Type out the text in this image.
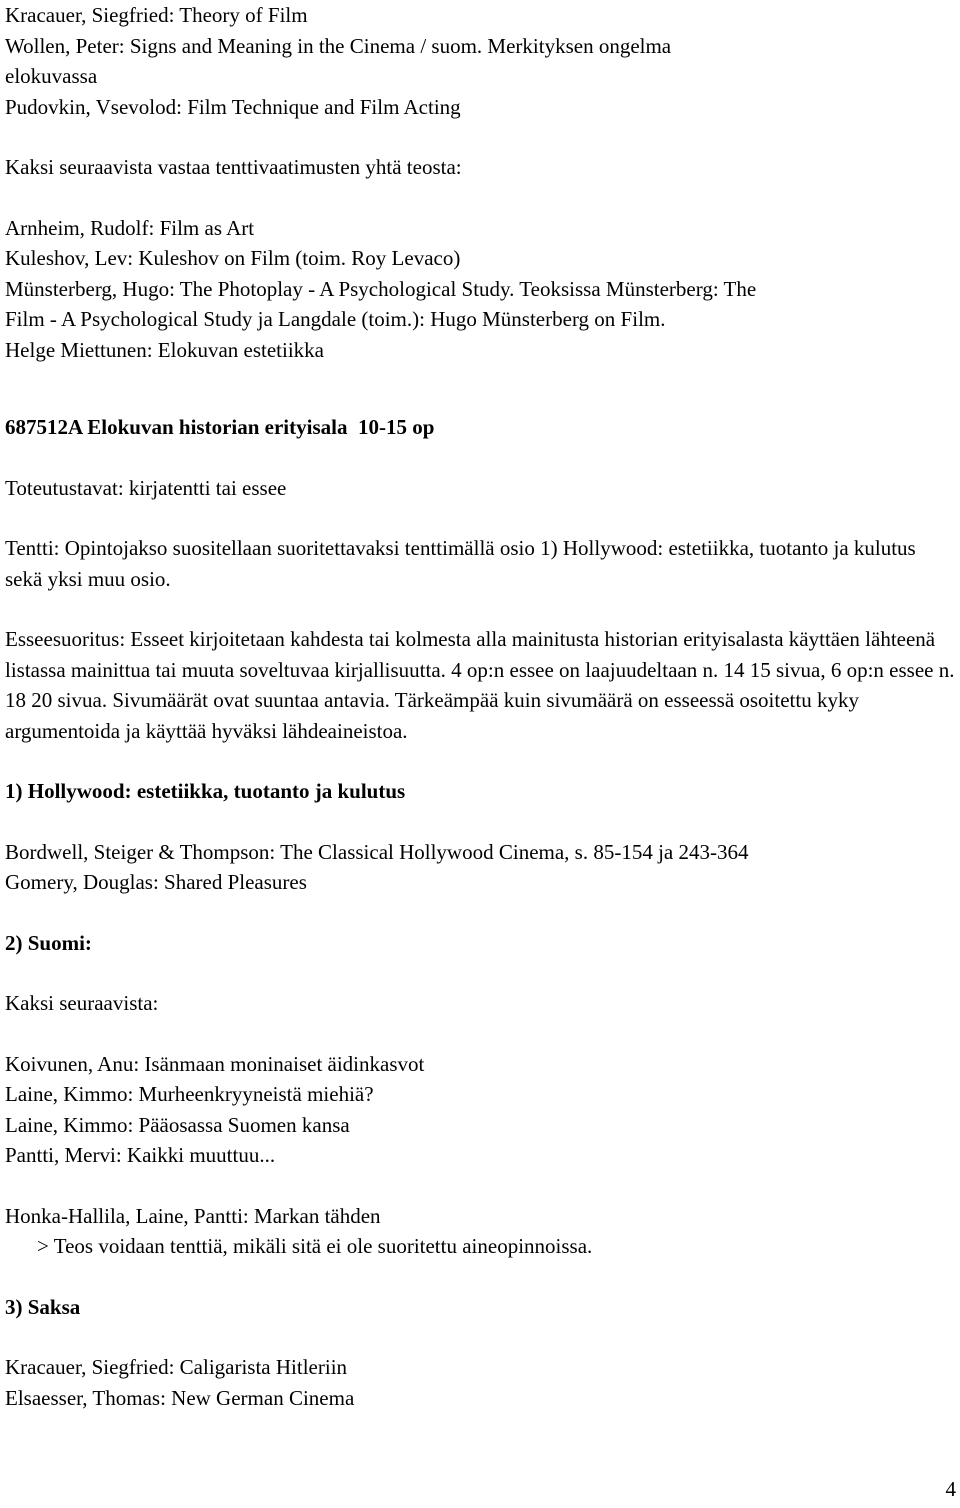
Kracauer, Siegfried: Theory of Film
Wollen, Peter: Signs and Meaning in the Cinema / suom. Merkityksen ongelma
elokuvassa
Pudovkin, Vsevolod: Film Technique and Film Acting
Kaksi seuraavista vastaa tenttivaatimusten yhtä teosta:
Arnheim, Rudolf: Film as Art
Kuleshov, Lev: Kuleshov on Film (toim. Roy Levaco)
Münsterberg, Hugo: The Photoplay - A Psychological Study. Teoksissa Münsterberg: The
Film - A Psychological Study ja Langdale (toim.): Hugo Münsterberg on Film.
Helge Miettunen: Elokuvan estetiikka
687512A Elokuvan historian erityisala  10-15 op
Toteutustavat: kirjatentti tai essee
Tentti: Opintojakso suositellaan suoritettavaksi tenttimällä osio 1) Hollywood: estetiikka, tuotanto ja kulutus sekä yksi muu osio.
Esseesuoritus: Esseet kirjoitetaan kahdesta tai kolmesta alla mainitusta historian erityisalasta käyttäen lähteenä listassa mainittua tai muuta soveltuvaa kirjallisuutta. 4 op:n essee on laajuudeltaan n. 14 15 sivua, 6 op:n essee n. 18 20 sivua. Sivumäärät ovat suuntaa antavia. Tärkeämpää kuin sivumäärä on esseessä osoitettu kyky argumentoida ja käyttää hyväksi lähdeaineistoa.
1) Hollywood: estetiikka, tuotanto ja kulutus
Bordwell, Steiger & Thompson: The Classical Hollywood Cinema, s. 85-154 ja 243-364
Gomery, Douglas: Shared Pleasures
2) Suomi:
Kaksi seuraavista:
Koivunen, Anu: Isänmaan moninaiset äidinkasvot
Laine, Kimmo: Murheenkryyneistä miehiä?
Laine, Kimmo: Pääosassa Suomen kansa
Pantti, Mervi: Kaikki muuttuu...
Honka-Hallila, Laine, Pantti: Markan tähden
> Teos voidaan tenttiä, mikäli sitä ei ole suoritettu aineopinnoissa.
3) Saksa
Kracauer, Siegfried: Caligarista Hitleriin
Elsaesser, Thomas: New German Cinema
4
